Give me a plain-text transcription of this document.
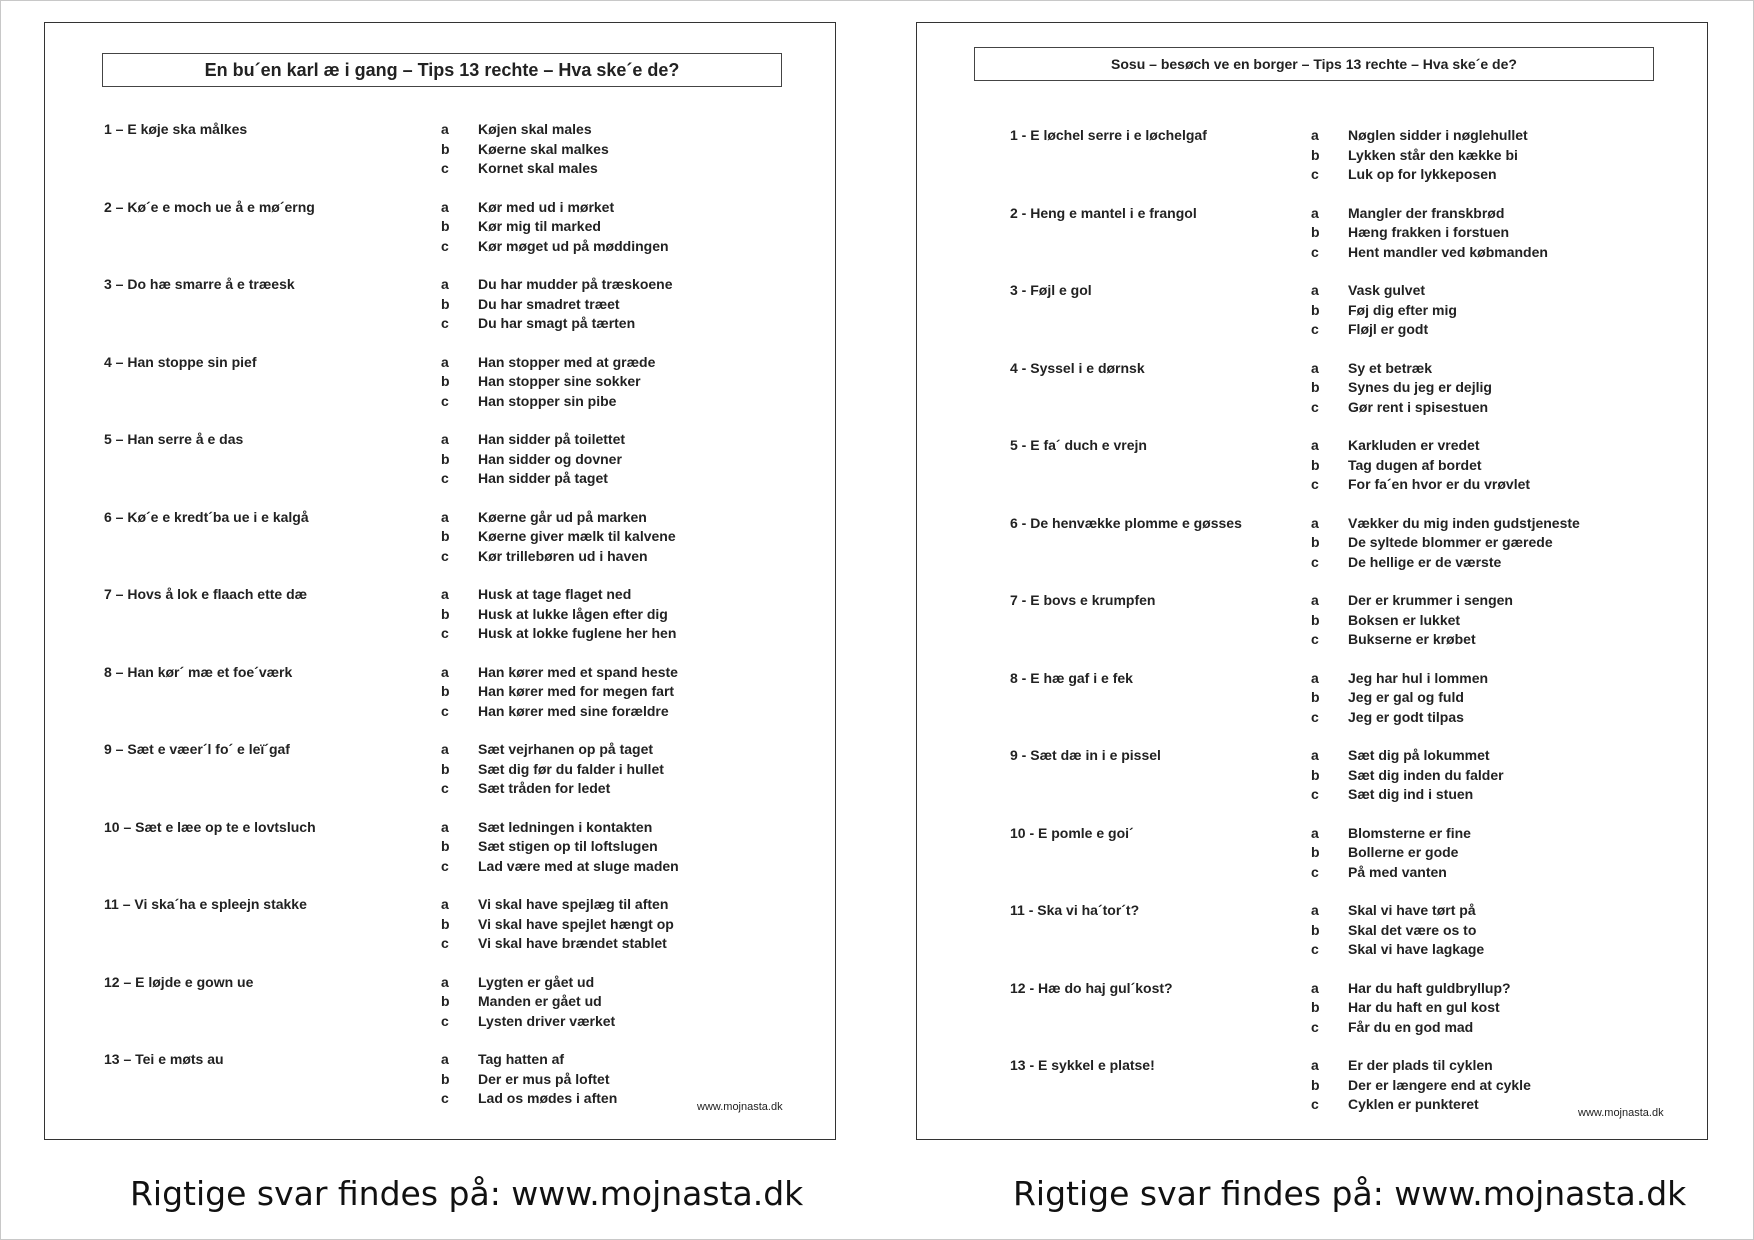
En bu´en karl æ i gang – Tips 13 rechte – Hva ske´e de?
1 – E køje ska målkes	a	Køjen skal males
b	Køerne skal malkes
c	Kornet skal males
2 – Kø´e e moch ue å e mø´erng	a	Kør med ud i mørket
b	Kør mig til marked
c	Kør møget ud på møddingen
3 – Do hæ smarre å e træesk	a	Du har mudder på træskoene
b	Du har smadret træet
c	Du har smagt på tærten
4 – Han stoppe sin pief	a	Han stopper med at græde
b	Han stopper sine sokker
c	Han stopper sin pibe
5 – Han serre å e das	a	Han sidder på toilettet
b	Han sidder og dovner
c	Han sidder på taget
6 – Kø´e e kredt´ba ue i e kalgå	a	Køerne går ud på marken
b	Køerne giver mælk til kalvene
c	Kør trillebøren ud i haven
7 – Hovs å lok e flaach ette dæ	a	Husk at tage flaget ned
b	Husk at lukke lågen efter dig
c	Husk at lokke fuglene her hen
8 – Han kør´ mæ et foe´værk	a	Han kører med et spand heste
b	Han kører med for megen fart
c	Han kører med sine forældre
9 – Sæt e væer´l fo´ e leï´gaf	a	Sæt vejrhanen op på taget
b	Sæt dig før du falder i hullet
c	Sæt tråden for ledet
10 – Sæt e læe op te e lovtsluch	a	Sæt ledningen i kontakten
b	Sæt stigen op til loftslugen
c	Lad være med at sluge maden
11 – Vi ska´ha e spleejn stakke	a	Vi skal have spejlæg til aften
b	Vi skal have spejlet hængt op
c	Vi skal have brændet stablet
12 – E løjde e gown ue	a	Lygten er gået ud
b	Manden er gået ud
c	Lysten driver værket
13 – Tei e møts au	a	Tag hatten af
b	Der er mus på loftet
c	Lad os mødes i aften
www.mojnasta.dk
Sosu – besøch ve en borger – Tips 13 rechte – Hva ske´e de?
1 - E løchel serre i e løchelgaf	a	Nøglen sidder i nøglehullet
b	Lykken står den kække bi
c	Luk op for lykkeposen
2 - Heng e mantel i e frangol	a	Mangler der franskbrød
b	Hæng frakken i forstuen
c	Hent mandler ved købmanden
3 - Føjl e gol	a	Vask gulvet
b	Føj dig efter mig
c	Fløjl er godt
4 - Syssel i e dørnsk	a	Sy et betræk
b	Synes du jeg er dejlig
c	Gør rent i spisestuen
5 - E fa´ duch e vrejn	a	Karkluden er vredet
b	Tag dugen af bordet
c	For fa´en hvor er du vrøvlet
6 - De henvække plomme e gøsses	a	Vækker du mig inden gudstjeneste
b	De syltede blommer er gærede
c	De hellige er de værste
7 - E bovs e krumpfen	a	Der er krummer i sengen
b	Boksen er lukket
c	Bukserne er krøbet
8 - E hæ gaf i e fek	a	Jeg har hul i lommen
b	Jeg er gal og fuld
c	Jeg er godt tilpas
9 - Sæt dæ in i e pissel	a	Sæt dig på lokummet
b	Sæt dig inden du falder
c	Sæt dig ind i stuen
10 - E pomle e goi´	a	Blomsterne er fine
b	Bollerne er gode
c	På med vanten
11 - Ska vi ha´tor´t?	a	Skal vi have tørt på
b	Skal det være os to
c	Skal vi have lagkage
12 - Hæ do haj gul´kost?	a	Har du haft guldbryllup?
b	Har du haft en gul kost
c	Får du en god mad
13 - E sykkel e platse!	a	Er der plads til cyklen
b	Der er længere end at cykle
c	Cyklen er punkteret
www.mojnasta.dk
Rigtige svar findes på: www.mojnasta.dk	Rigtige svar findes på: www.mojnasta.dk
